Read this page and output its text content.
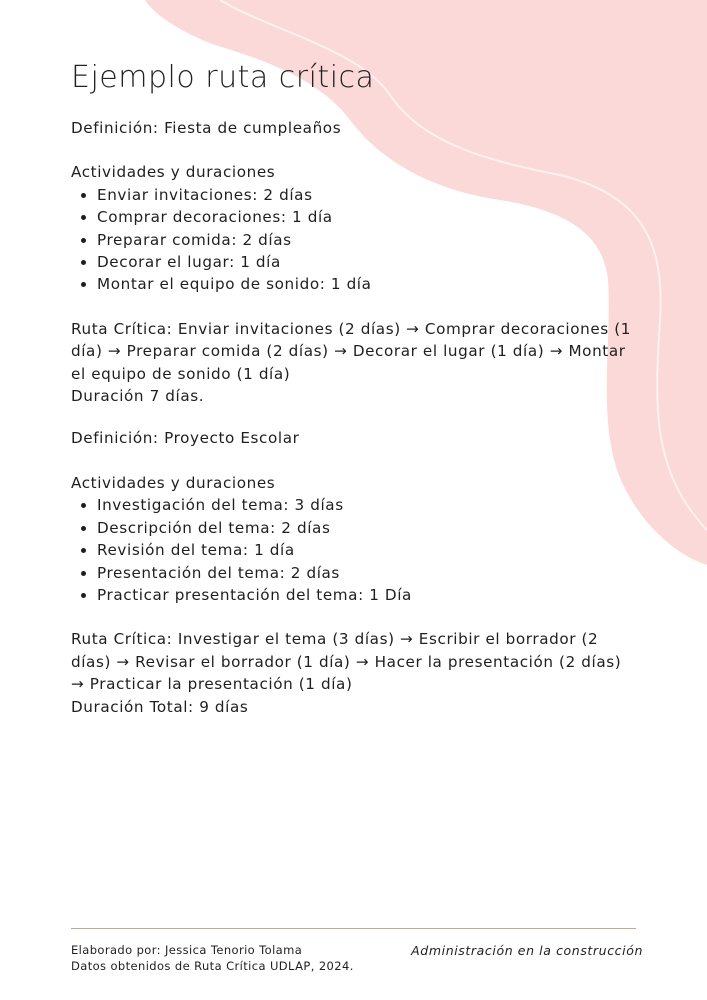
Ejemplo ruta crítica

Definición: Fiesta de cumpleaños

Actividades y duraciones

• Enviar invitaciones: 2 días
• Comprar decoraciones: 1 día
• Preparar comida: 2 días
• Decorar el lugar: 1 día
• Montar el equipo de sonido: 1 día

Ruta Crítica: Enviar invitaciones (2 días) → Comprar decoraciones (1 día) → Preparar comida (2 días) → Decorar el lugar (1 día) → Montar el equipo de sonido (1 día)

Duración 7 días.

Definición: Proyecto Escolar

Actividades y duraciones

• Investigación del tema: 3 días
• Descripción del tema: 2 días
• Revisión del tema: 1 día
• Presentación del tema: 2 días
• Practicar presentación del tema: 1 Día

Ruta Crítica: Investigar el tema (3 días) → Escribir el borrador (2 días) → Revisar el borrador (1 día) → Hacer la presentación (2 días) → Practicar la presentación (1 día)

Duración Total: 9 días

Elaborado por: Jessica Tenorio Tolama
Datos obtenidos de Ruta Crítica UDLAP, 2024.
Administración en la construcción
